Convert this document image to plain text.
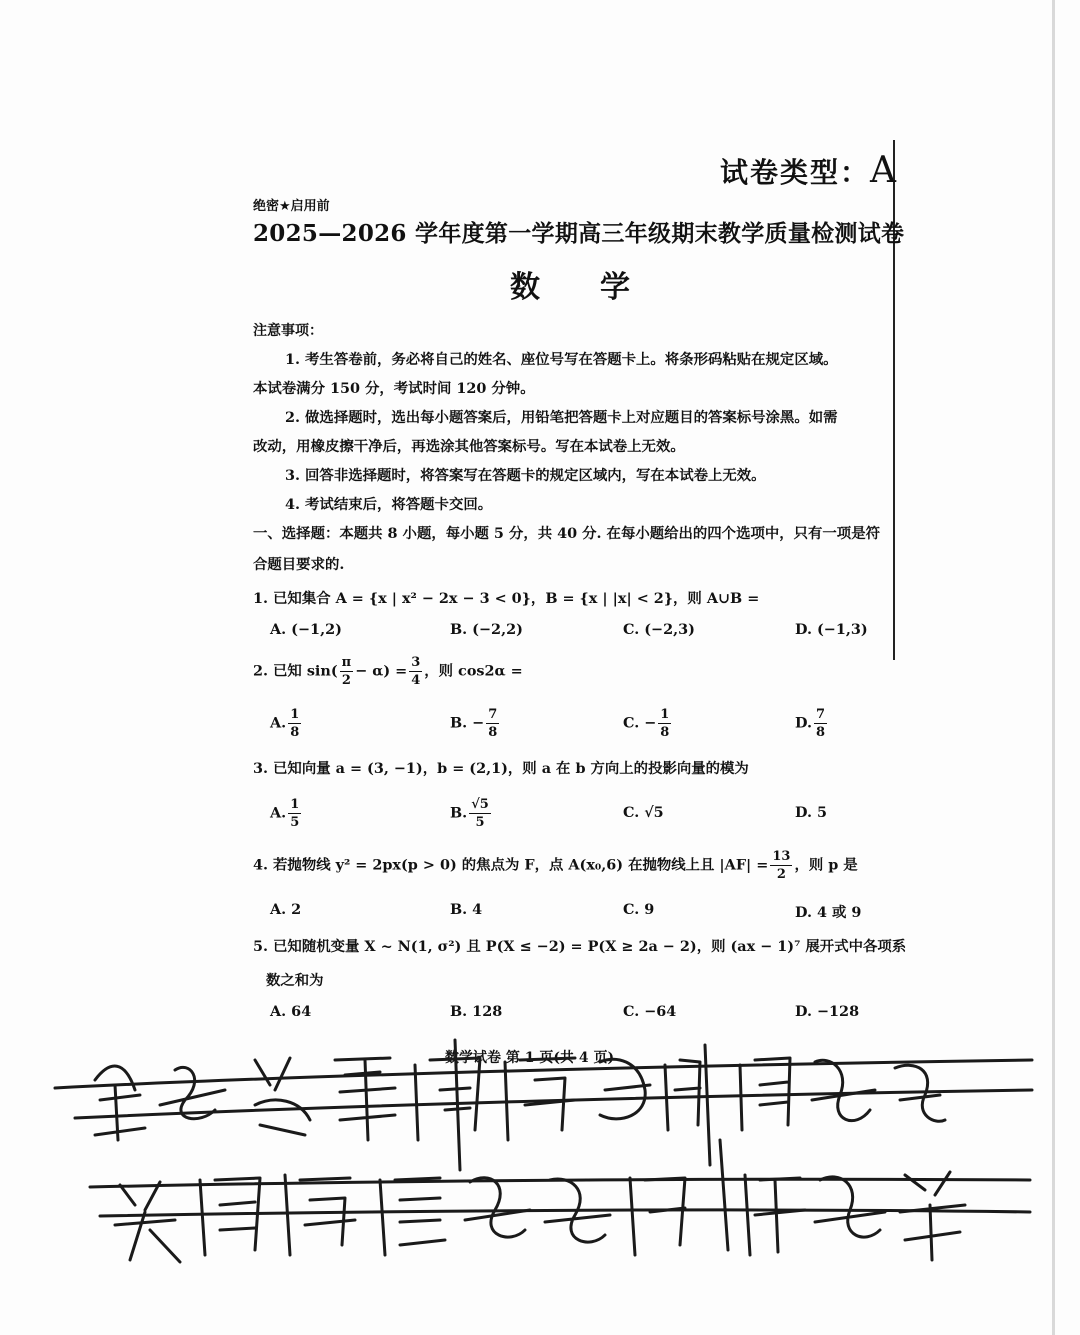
试卷类型：A
绝密★启用前
2025—2026 学年度第一学期高三年级期末教学质量检测试卷
数学
注意事项：
1. 考生答卷前，务必将自己的姓名、座位号写在答题卡上。将条形码粘贴在规定区域。
本试卷满分 150 分，考试时间 120 分钟。
2. 做选择题时，选出每小题答案后，用铅笔把答题卡上对应题目的答案标号涂黑。如需
改动，用橡皮擦干净后，再选涂其他答案标号。写在本试卷上无效。
3. 回答非选择题时，将答案写在答题卡的规定区域内，写在本试卷上无效。
4. 考试结束后，将答题卡交回。
一、选择题：本题共 8 小题，每小题 5 分，共 40 分. 在每小题给出的四个选项中，只有一项是符
合题目要求的.
1. 已知集合 A = {x | x² − 2x − 3 < 0}，B = {x | |x| < 2}，则 A∪B =
A. (−1,2)	B. (−2,2)	C. (−2,3)	D. (−1,3)
2. 已知 $\sin( \frac{\pi}{2} - \alpha) = \frac{3}{4}$ ，则 cos2α =
A. $\frac{1}{8}$	B. − $\frac{7}{8}$	C. − $\frac{1}{8}$	D. $\frac{7}{8}$
3. 已知向量 a = (3, −1)，b = (2,1)，则 a 在 b 方向上的投影向量的模为
A. $\frac{1}{5}$	B. $\frac{√5}{5}$	C. √5	D. 5
4. 若抛物线 y² = 2px(p > 0) 的焦点为 F，点 A(x₀,6) 在抛物线上且 $|AF| = \frac{13}{2}$ ，则 p 是
A. 2	B. 4	C. 9	D. 4 或 9
5. 已知随机变量 X ~ N(1, σ²) 且 P(X ≤ −2) = P(X ≥ 2a − 2)，则 (ax − 1)⁷ 展开式中各项系
数之和为
A. 64	B. 128	C. −64	D. −128
数学试卷 第 1 页(共 4 页)
